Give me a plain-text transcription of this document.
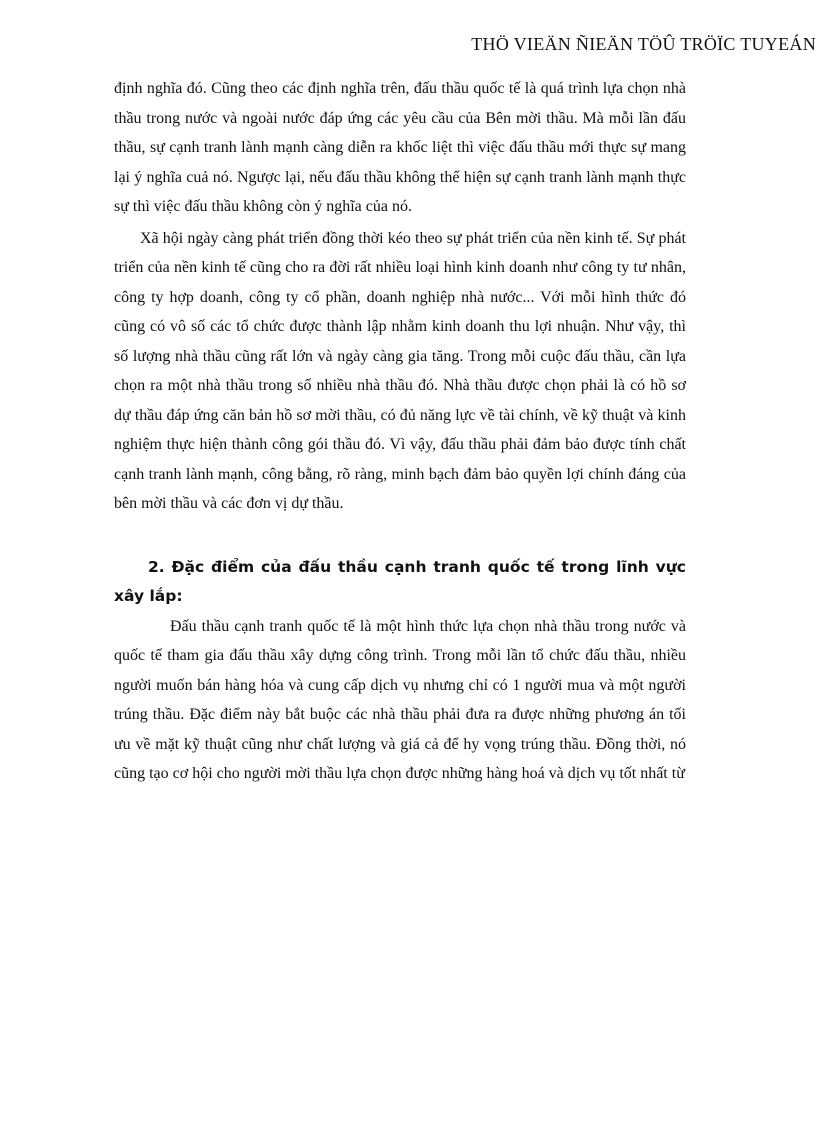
THÖ VIEÄN ÑIEÄN TÖÛ TRÖÏC TUYEÁN

định nghĩa đó. Cũng theo các định nghĩa trên, đấu thầu quốc tế là quá trình lựa chọn nhà thầu trong nước và ngoài nước đáp ứng các yêu cầu của Bên mời thầu. Mà mỗi lần đấu thầu, sự cạnh tranh lành mạnh càng diễn ra khốc liệt thì việc đấu thầu mới thực sự mang lại ý nghĩa cuả nó. Ngược lại, nếu đấu thầu không thể hiện sự cạnh tranh lành mạnh thực sự thì việc đấu thầu không còn ý nghĩa của nó.

Xã hội ngày càng phát triển đồng thời kéo theo sự phát triển của nền kinh tế. Sự phát triển của nền kinh tế cũng cho ra đời rất nhiều loại hình kinh doanh như công ty tư nhân, công ty hợp doanh, công ty cổ phần, doanh nghiệp nhà nước... Với mỗi hình thức đó cũng có vô số các tổ chức được thành lập nhằm kinh doanh thu lợi nhuận. Như vậy, thì số lượng nhà thầu cũng rất lớn và ngày càng gia tăng. Trong mỗi cuộc đấu thầu, cần lựa chọn ra một nhà thầu trong số nhiều nhà thầu đó. Nhà thầu được chọn phải là có hồ sơ dự thầu đáp ứng căn bản hồ sơ mời thầu, có đủ năng lực về tài chính, về kỹ thuật và kinh nghiệm thực hiện thành công gói thầu đó. Vì vậy, đấu thầu phải đảm bảo được tính chất cạnh tranh lành mạnh, công bằng, rõ ràng, minh bạch đảm bảo quyền lợi chính đáng của bên mời thầu và các đơn vị dự thầu.

2. Đặc điểm của đấu thầu cạnh tranh quốc tế trong lĩnh vực xây lắp:

Đấu thầu cạnh tranh quốc tế là một hình thức lựa chọn nhà thầu trong nước và quốc tế tham gia đấu thầu xây dựng công trình. Trong mỗi lần tổ chức đấu thầu, nhiều người muốn bán hàng hóa và cung cấp dịch vụ nhưng chỉ có 1 người mua và một người trúng thầu. Đặc điểm này bắt buộc các nhà thầu phải đưa ra được những phương án tối ưu về mặt kỹ thuật cũng như chất lượng và giá cả để hy vọng trúng thầu. Đồng thời, nó cũng tạo cơ hội cho người mời thầu lựa chọn được những hàng hoá và dịch vụ tốt nhất từ
